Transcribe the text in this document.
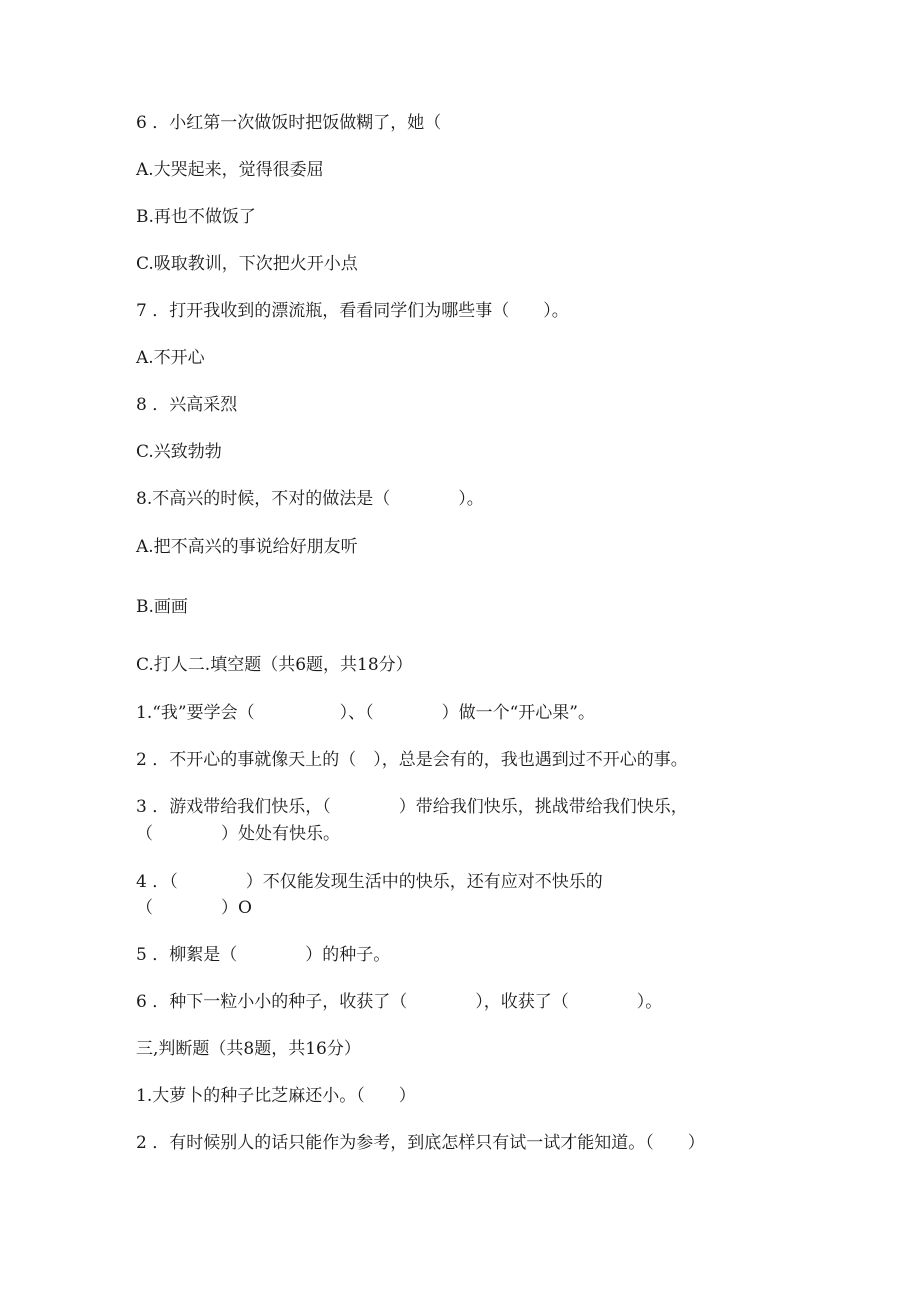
6 ．小红第一次做饭时把饭做糊了，她（

A.大哭起来，觉得很委屈

B.再也不做饭了

C.吸取教训，下次把火开小点

7 ．打开我收到的漂流瓶，看看同学们为哪些事（　　）。

A.不开心

8 ．兴高采烈

C.兴致勃勃

8.不高兴的时候，不对的做法是（　　　　）。

A.把不高兴的事说给好朋友听

B.画画

C.打人二.填空题（共6题，共18分）

1.“我”要学会（　　　　　）、（　　　　）做一个“开心果”。

2 ．不开心的事就像天上的（　），总是会有的，我也遇到过不开心的事。

3 ．游戏带给我们快乐，（　　　　）带给我们快乐，挑战带给我们快乐，

（　　　　）处处有快乐。

4 ．（　　　　）不仅能发现生活中的快乐，还有应对不快乐的

（　　　　）O

5 ．柳絮是（　　　　）的种子。

6 ．种下一粒小小的种子，收获了（　　　　），收获了（　　　　）。

三,判断题（共8题，共16分）

1.大萝卜的种子比芝麻还小。（　　）

2 ．有时候别人的话只能作为参考，到底怎样只有试一试才能知道。（　　）
